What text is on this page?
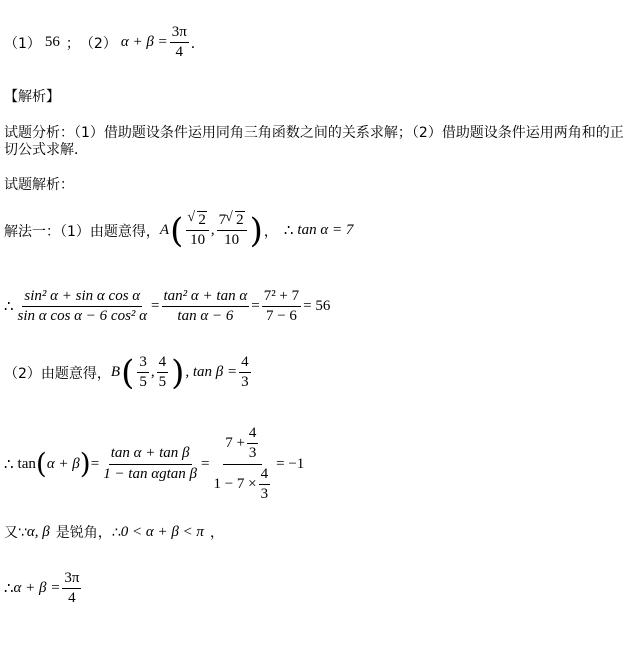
（1） 56 ； （2） $\alpha + \beta = \frac{3\pi}{4}$ ．
【解析】
试题分析：（1）借助题设条件运用同角三角函数之间的关系求解；（2）借助题设条件运用两角和的正
切公式求解．
试题解析：
解法一：（1）由题意得， A ( √ $\frac{2}{10}$ , $\frac{7 √ 2}{10}$ ) ， ∴ tan α = 7
∴ $\frac{\text{sin² α + sin α cos α}}{\text{sin α cos α − 6 cos² α}} = \frac{\text{tan² α + tan α}}{\text{tan α − 6}} = \frac{\text{7² + 7}}{7 - 6} = 56$
（2）由题意得， B ( $\frac{3}{5}$ , $\frac{4}{5}$ ) , $\tan \beta = \frac{4}{3}$
∴ tan ( α + β ) = $\frac{\text{tan α + tan β}}{\text{1 − tan αgtan β}} = \frac{7 + \frac{4}{3}}{1 - 7 \times \frac{4}{3}} = -1$
又∵ α, β 是锐角，∴ 0 < α + β < π ，
∴ $\alpha + \beta = \frac{3\pi}{4}$
